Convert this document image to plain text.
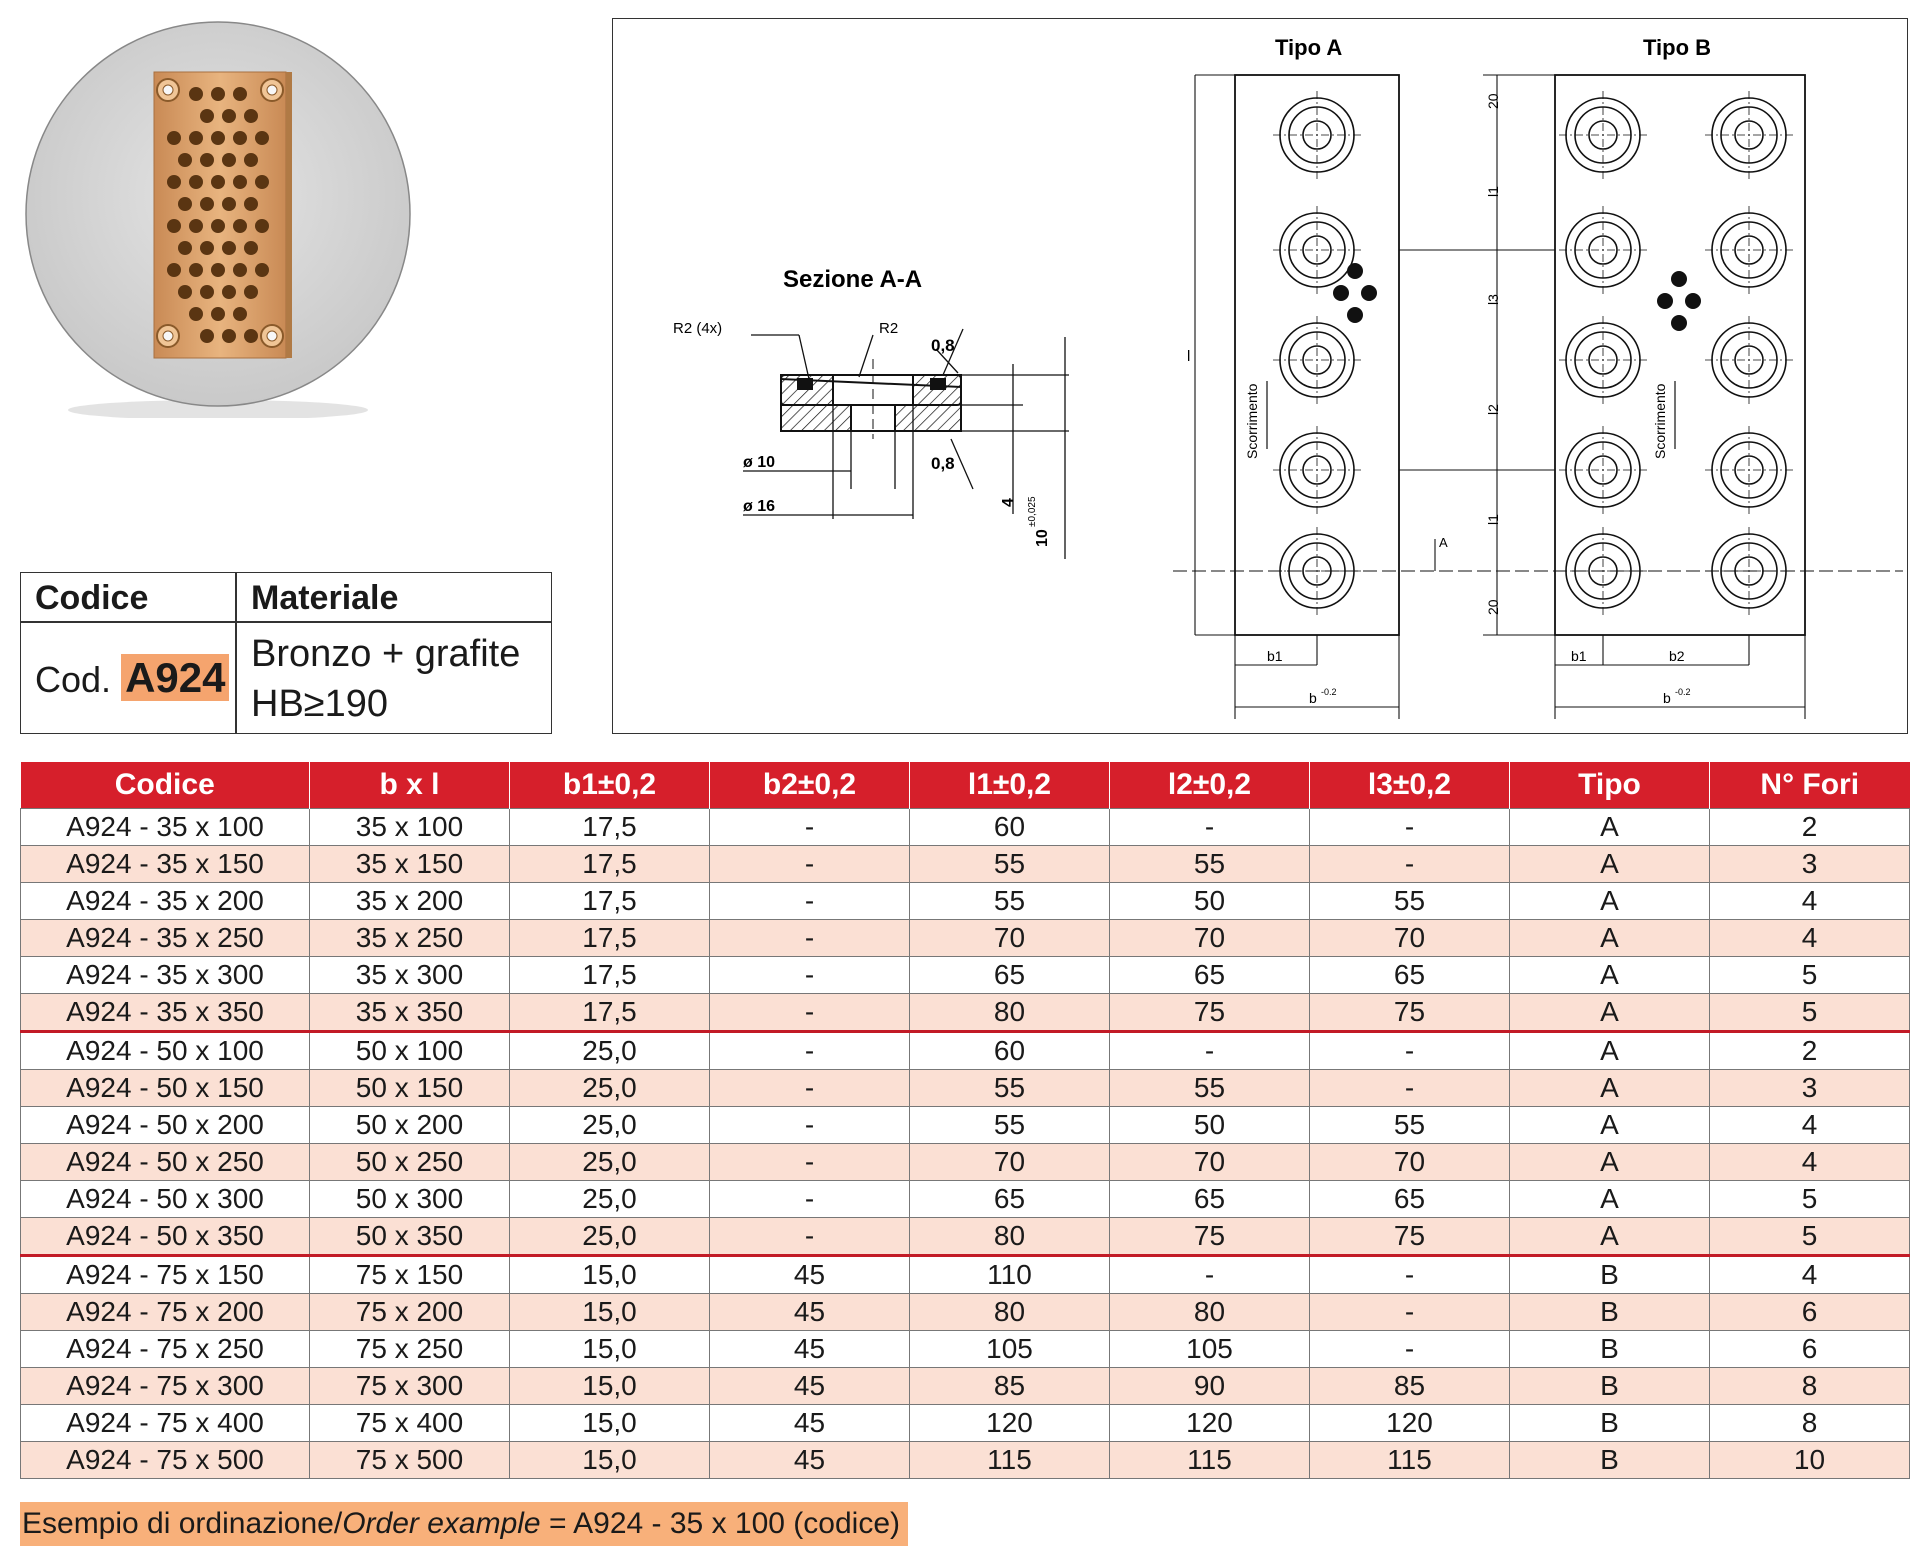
Codice	Materiale
Cod. A924 Bronzo + grafite
HB≥190
Sezione A-A
R2 (4x)	R2
0,8
0,8
ø 10
ø 16	4
10
±0,025
Tipo A
Scorrimento
Tipo B
Scorrimento
l
20
l1
l3
l2
l1
20
A
b1
b -0.2
b1	b2
b -0.2
Codice	b x l	b1±0,2	b2±0,2	l1±0,2	l2±0,2	l3±0,2	Tipo	N° Fori
A924 - 35 x 100	35 x 100	17,5	-	60	-	-	A	2
A924 - 35 x 150	35 x 150	17,5	-	55	55	-	A	3
A924 - 35 x 200	35 x 200	17,5	-	55	50	55	A	4
A924 - 35 x 250	35 x 250	17,5	-	70	70	70	A	4
A924 - 35 x 300	35 x 300	17,5	-	65	65	65	A	5
A924 - 35 x 350	35 x 350	17,5	-	80	75	75	A	5
A924 - 50 x 100	50 x 100	25,0	-	60	-	-	A	2
A924 - 50 x 150	50 x 150	25,0	-	55	55	-	A	3
A924 - 50 x 200	50 x 200	25,0	-	55	50	55	A	4
A924 - 50 x 250	50 x 250	25,0	-	70	70	70	A	4
A924 - 50 x 300	50 x 300	25,0	-	65	65	65	A	5
A924 - 50 x 350	50 x 350	25,0	-	80	75	75	A	5
A924 - 75 x 150	75 x 150	15,0	45	110	-	-	B	4
A924 - 75 x 200	75 x 200	15,0	45	80	80	-	B	6
A924 - 75 x 250	75 x 250	15,0	45	105	105	-	B	6
A924 - 75 x 300	75 x 300	15,0	45	85	90	85	B	8
A924 - 75 x 400	75 x 400	15,0	45	120	120	120	B	8
A924 - 75 x 500	75 x 500	15,0	45	115	115	115	B	10
Esempio di ordinazione/Order example = A924 - 35 x 100 (codice)
